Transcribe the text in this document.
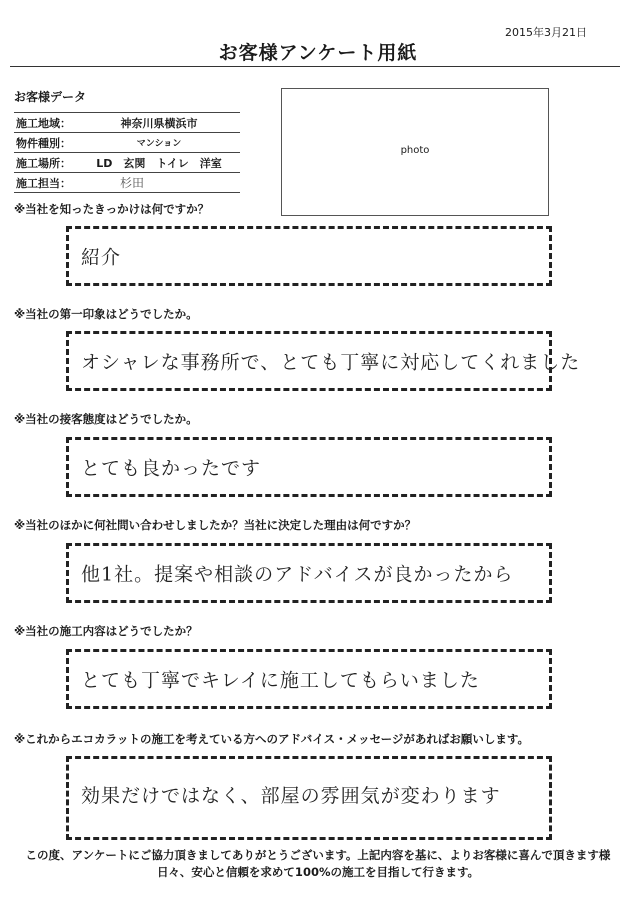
2015年3月21日
お客様アンケート用紙
お客様データ
施工地域：	神奈川県横浜市
物件種別：	マンション
施工場所：	LD　玄関　トイレ　洋室
施工担当：	杉田
photo
※当社を知ったきっかけは何ですか？
紹介
※当社の第一印象はどうでしたか。
オシャレな事務所で、とても丁寧に対応してくれました
※当社の接客態度はどうでしたか。
とても良かったです
※当社のほかに何社問い合わせしましたか？当社に決定した理由は何ですか？
他1社。提案や相談のアドバイスが良かったから
※当社の施工内容はどうでしたか？
とても丁寧でキレイに施工してもらいました
※これからエコカラットの施工を考えている方へのアドバイス・メッセージがあればお願いします。
効果だけではなく、部屋の雰囲気が変わります
この度、アンケートにご協力頂きましてありがとうございます。上記内容を基に、よりお客様に喜んで頂きます様
日々、安心と信頼を求めて100%の施工を目指して行きます。
